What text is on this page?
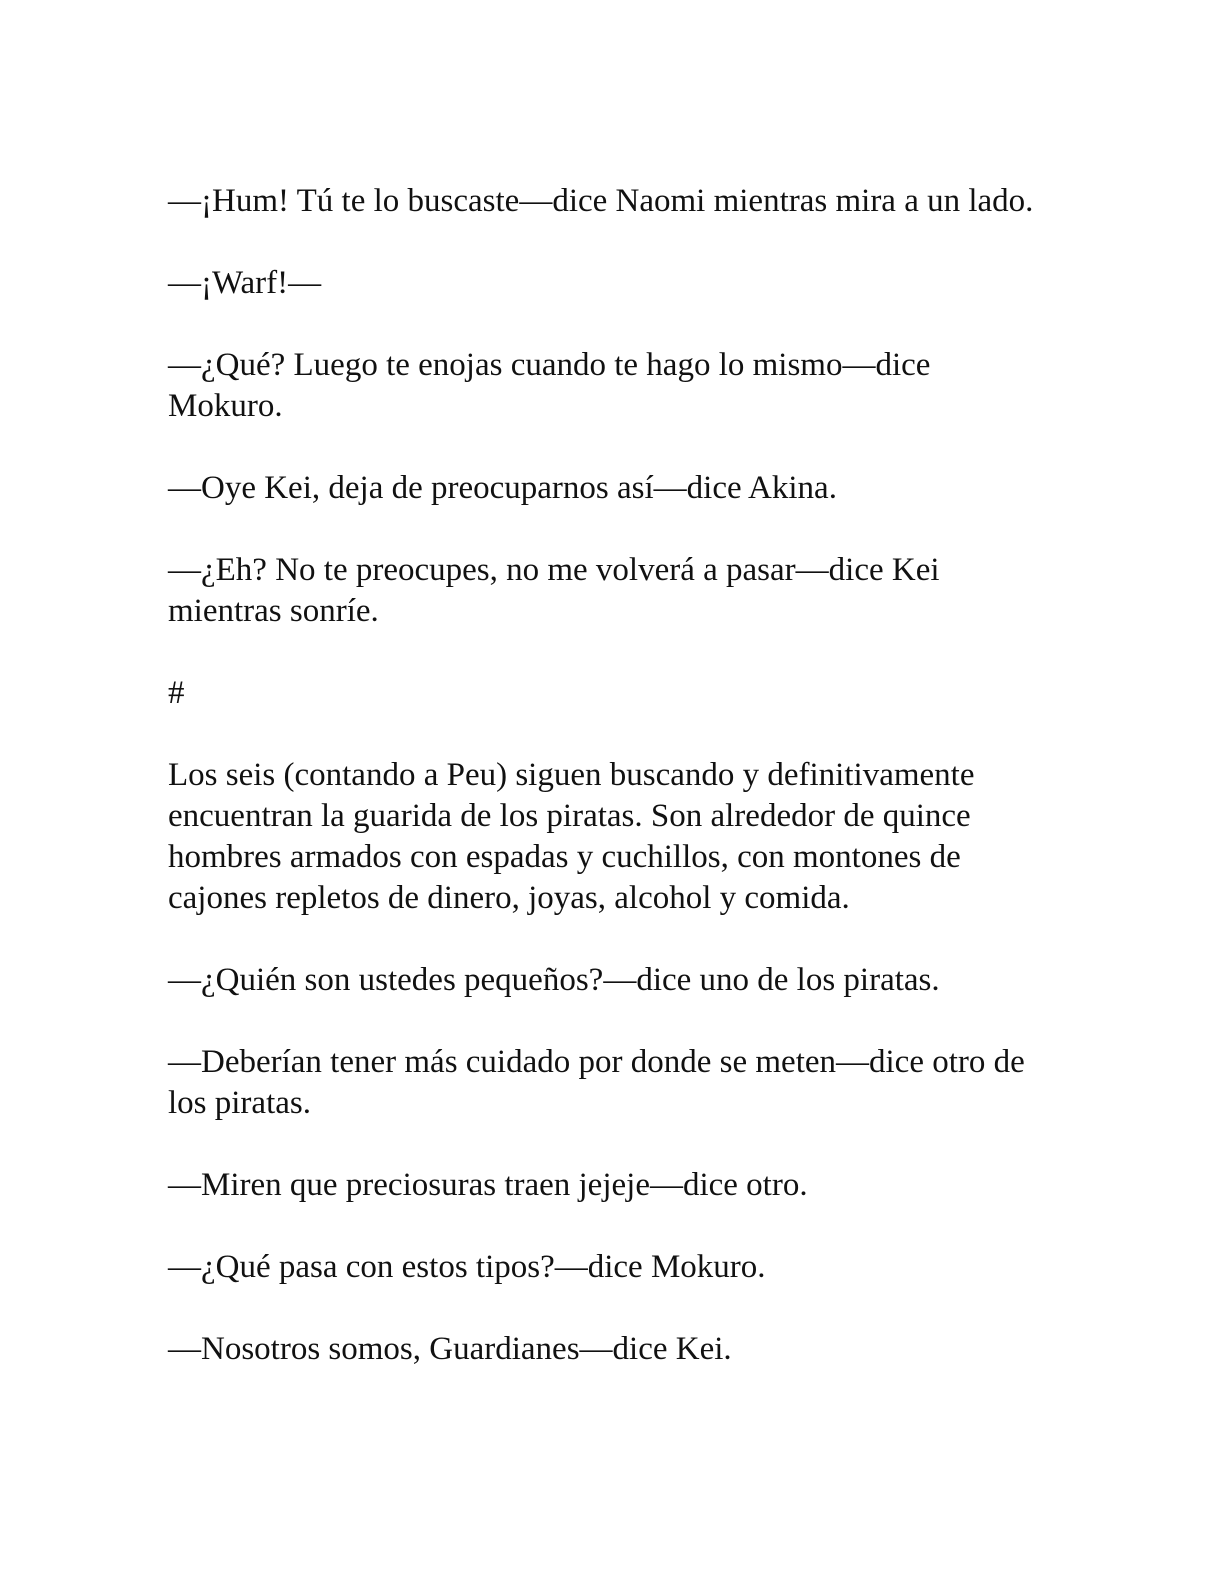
—¡Hum! Tú te lo buscaste—dice Naomi mientras mira a un lado.

—¡Warf!—

—¿Qué? Luego te enojas cuando te hago lo mismo—dice Mokuro.

—Oye Kei, deja de preocuparnos así—dice Akina.

—¿Eh? No te preocupes, no me volverá a pasar—dice Kei mientras sonríe.

#

Los seis (contando a Peu) siguen buscando y definitivamente encuentran la guarida de los piratas. Son alrededor de quince hombres armados con espadas y cuchillos, con montones de cajones repletos de dinero, joyas, alcohol y comida.

—¿Quién son ustedes pequeños?—dice uno de los piratas.

—Deberían tener más cuidado por donde se meten—dice otro de los piratas.

—Miren que preciosuras traen jejeje—dice otro.

—¿Qué pasa con estos tipos?—dice Mokuro.

—Nosotros somos, Guardianes—dice Kei.
